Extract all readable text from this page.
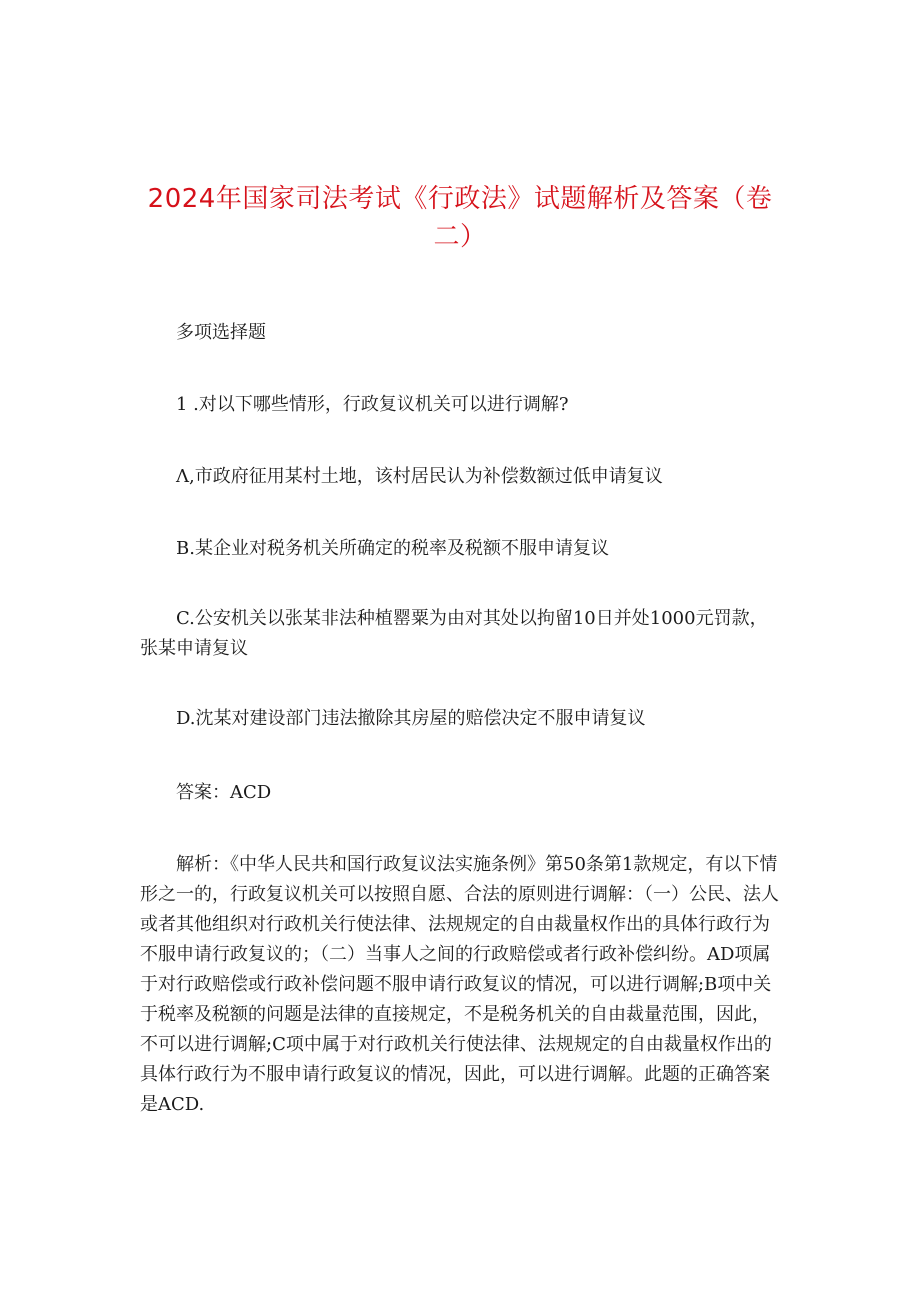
2024年国家司法考试《行政法》试题解析及答案（卷二）
多项选择题
1 .对以下哪些情形，行政复议机关可以进行调解?
Λ,市政府征用某村土地，该村居民认为补偿数额过低申请复议
B.某企业对税务机关所确定的税率及税额不服申请复议
C.公安机关以张某非法种植罂粟为由对其处以拘留10日并处1000元罚款，张某申请复议
D.沈某对建设部门违法撤除其房屋的赔偿决定不服申请复议
答案：ACD
解析：《中华人民共和国行政复议法实施条例》第50条第1款规定，有以下情形之一的，行政复议机关可以按照自愿、合法的原则进行调解：（一）公民、法人或者其他组织对行政机关行使法律、法规规定的自由裁量权作出的具体行政行为不服申请行政复议的；（二）当事人之间的行政赔偿或者行政补偿纠纷。AD项属于对行政赔偿或行政补偿问题不服申请行政复议的情况，可以进行调解;B项中关于税率及税额的问题是法律的直接规定，不是税务机关的自由裁量范围，因此，不可以进行调解;C项中属于对行政机关行使法律、法规规定的自由裁量权作出的具体行政行为不服申请行政复议的情况，因此，可以进行调解。此题的正确答案是ACD.
